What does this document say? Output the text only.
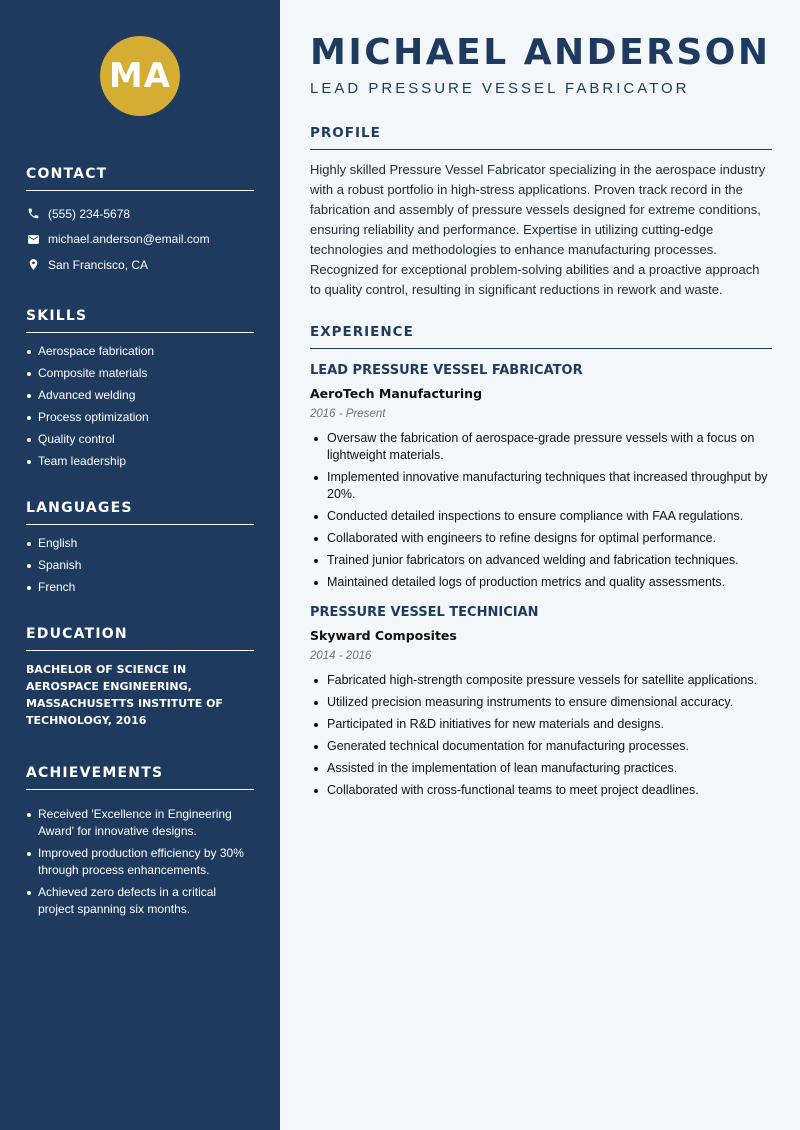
MA
CONTACT
(555) 234-5678
michael.anderson@email.com
San Francisco, CA
SKILLS
Aerospace fabrication
Composite materials
Advanced welding
Process optimization
Quality control
Team leadership
LANGUAGES
English
Spanish
French
EDUCATION

BACHELOR OF SCIENCE IN AEROSPACE ENGINEERING, MASSACHUSETTS INSTITUTE OF TECHNOLOGY, 2016

ACHIEVEMENTS
Received 'Excellence in Engineering Award' for innovative designs.
Improved production efficiency by 30% through process enhancements.
Achieved zero defects in a critical project spanning six months.
MICHAEL ANDERSON
LEAD PRESSURE VESSEL FABRICATOR
PROFILE

Highly skilled Pressure Vessel Fabricator specializing in the aerospace industry with a robust portfolio in high-stress applications. Proven track record in the fabrication and assembly of pressure vessels designed for extreme conditions, ensuring reliability and performance. Expertise in utilizing cutting-edge technologies and methodologies to enhance manufacturing processes. Recognized for exceptional problem-solving abilities and a proactive approach to quality control, resulting in significant reductions in rework and waste.

EXPERIENCE
LEAD PRESSURE VESSEL FABRICATOR
AeroTech Manufacturing
2016 - Present
Oversaw the fabrication of aerospace-grade pressure vessels with a focus on lightweight materials.
Implemented innovative manufacturing techniques that increased throughput by 20%.
Conducted detailed inspections to ensure compliance with FAA regulations.
Collaborated with engineers to refine designs for optimal performance.
Trained junior fabricators on advanced welding and fabrication techniques.
Maintained detailed logs of production metrics and quality assessments.
PRESSURE VESSEL TECHNICIAN
Skyward Composites
2014 - 2016
Fabricated high-strength composite pressure vessels for satellite applications.
Utilized precision measuring instruments to ensure dimensional accuracy.
Participated in R&D initiatives for new materials and designs.
Generated technical documentation for manufacturing processes.
Assisted in the implementation of lean manufacturing practices.
Collaborated with cross-functional teams to meet project deadlines.
